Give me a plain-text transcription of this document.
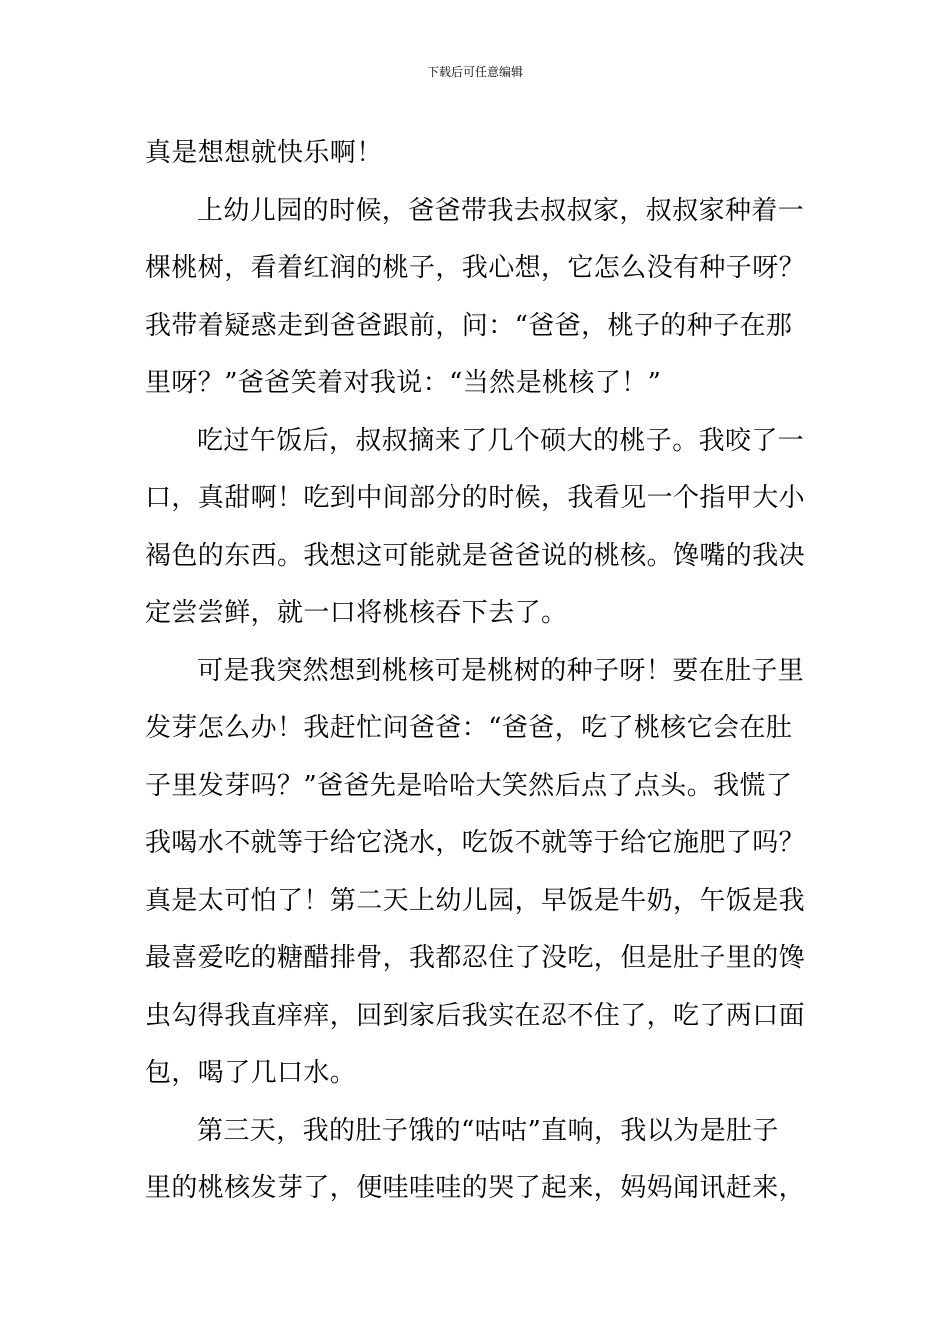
下载后可任意编辑
真是想想就快乐啊！
上幼儿园的时候，爸爸带我去叔叔家，叔叔家种着一
棵桃树，看着红润的桃子，我心想，它怎么没有种子呀？
我带着疑惑走到爸爸跟前，问：“爸爸，桃子的种子在那
里呀？”爸爸笑着对我说：“当然是桃核了！”
吃过午饭后，叔叔摘来了几个硕大的桃子。我咬了一
口，真甜啊！吃到中间部分的时候，我看见一个指甲大小
褐色的东西。我想这可能就是爸爸说的桃核。馋嘴的我决
定尝尝鲜，就一口将桃核吞下去了。
可是我突然想到桃核可是桃树的种子呀！要在肚子里
发芽怎么办！我赶忙问爸爸：“爸爸，吃了桃核它会在肚
子里发芽吗？”爸爸先是哈哈大笑然后点了点头。我慌了
我喝水不就等于给它浇水，吃饭不就等于给它施肥了吗？
真是太可怕了！第二天上幼儿园，早饭是牛奶，午饭是我
最喜爱吃的糖醋排骨，我都忍住了没吃，但是肚子里的馋
虫勾得我直痒痒，回到家后我实在忍不住了，吃了两口面
包，喝了几口水。
第三天，我的肚子饿的“咕咕”直响，我以为是肚子
里的桃核发芽了，便哇哇哇的哭了起来，妈妈闻讯赶来，
